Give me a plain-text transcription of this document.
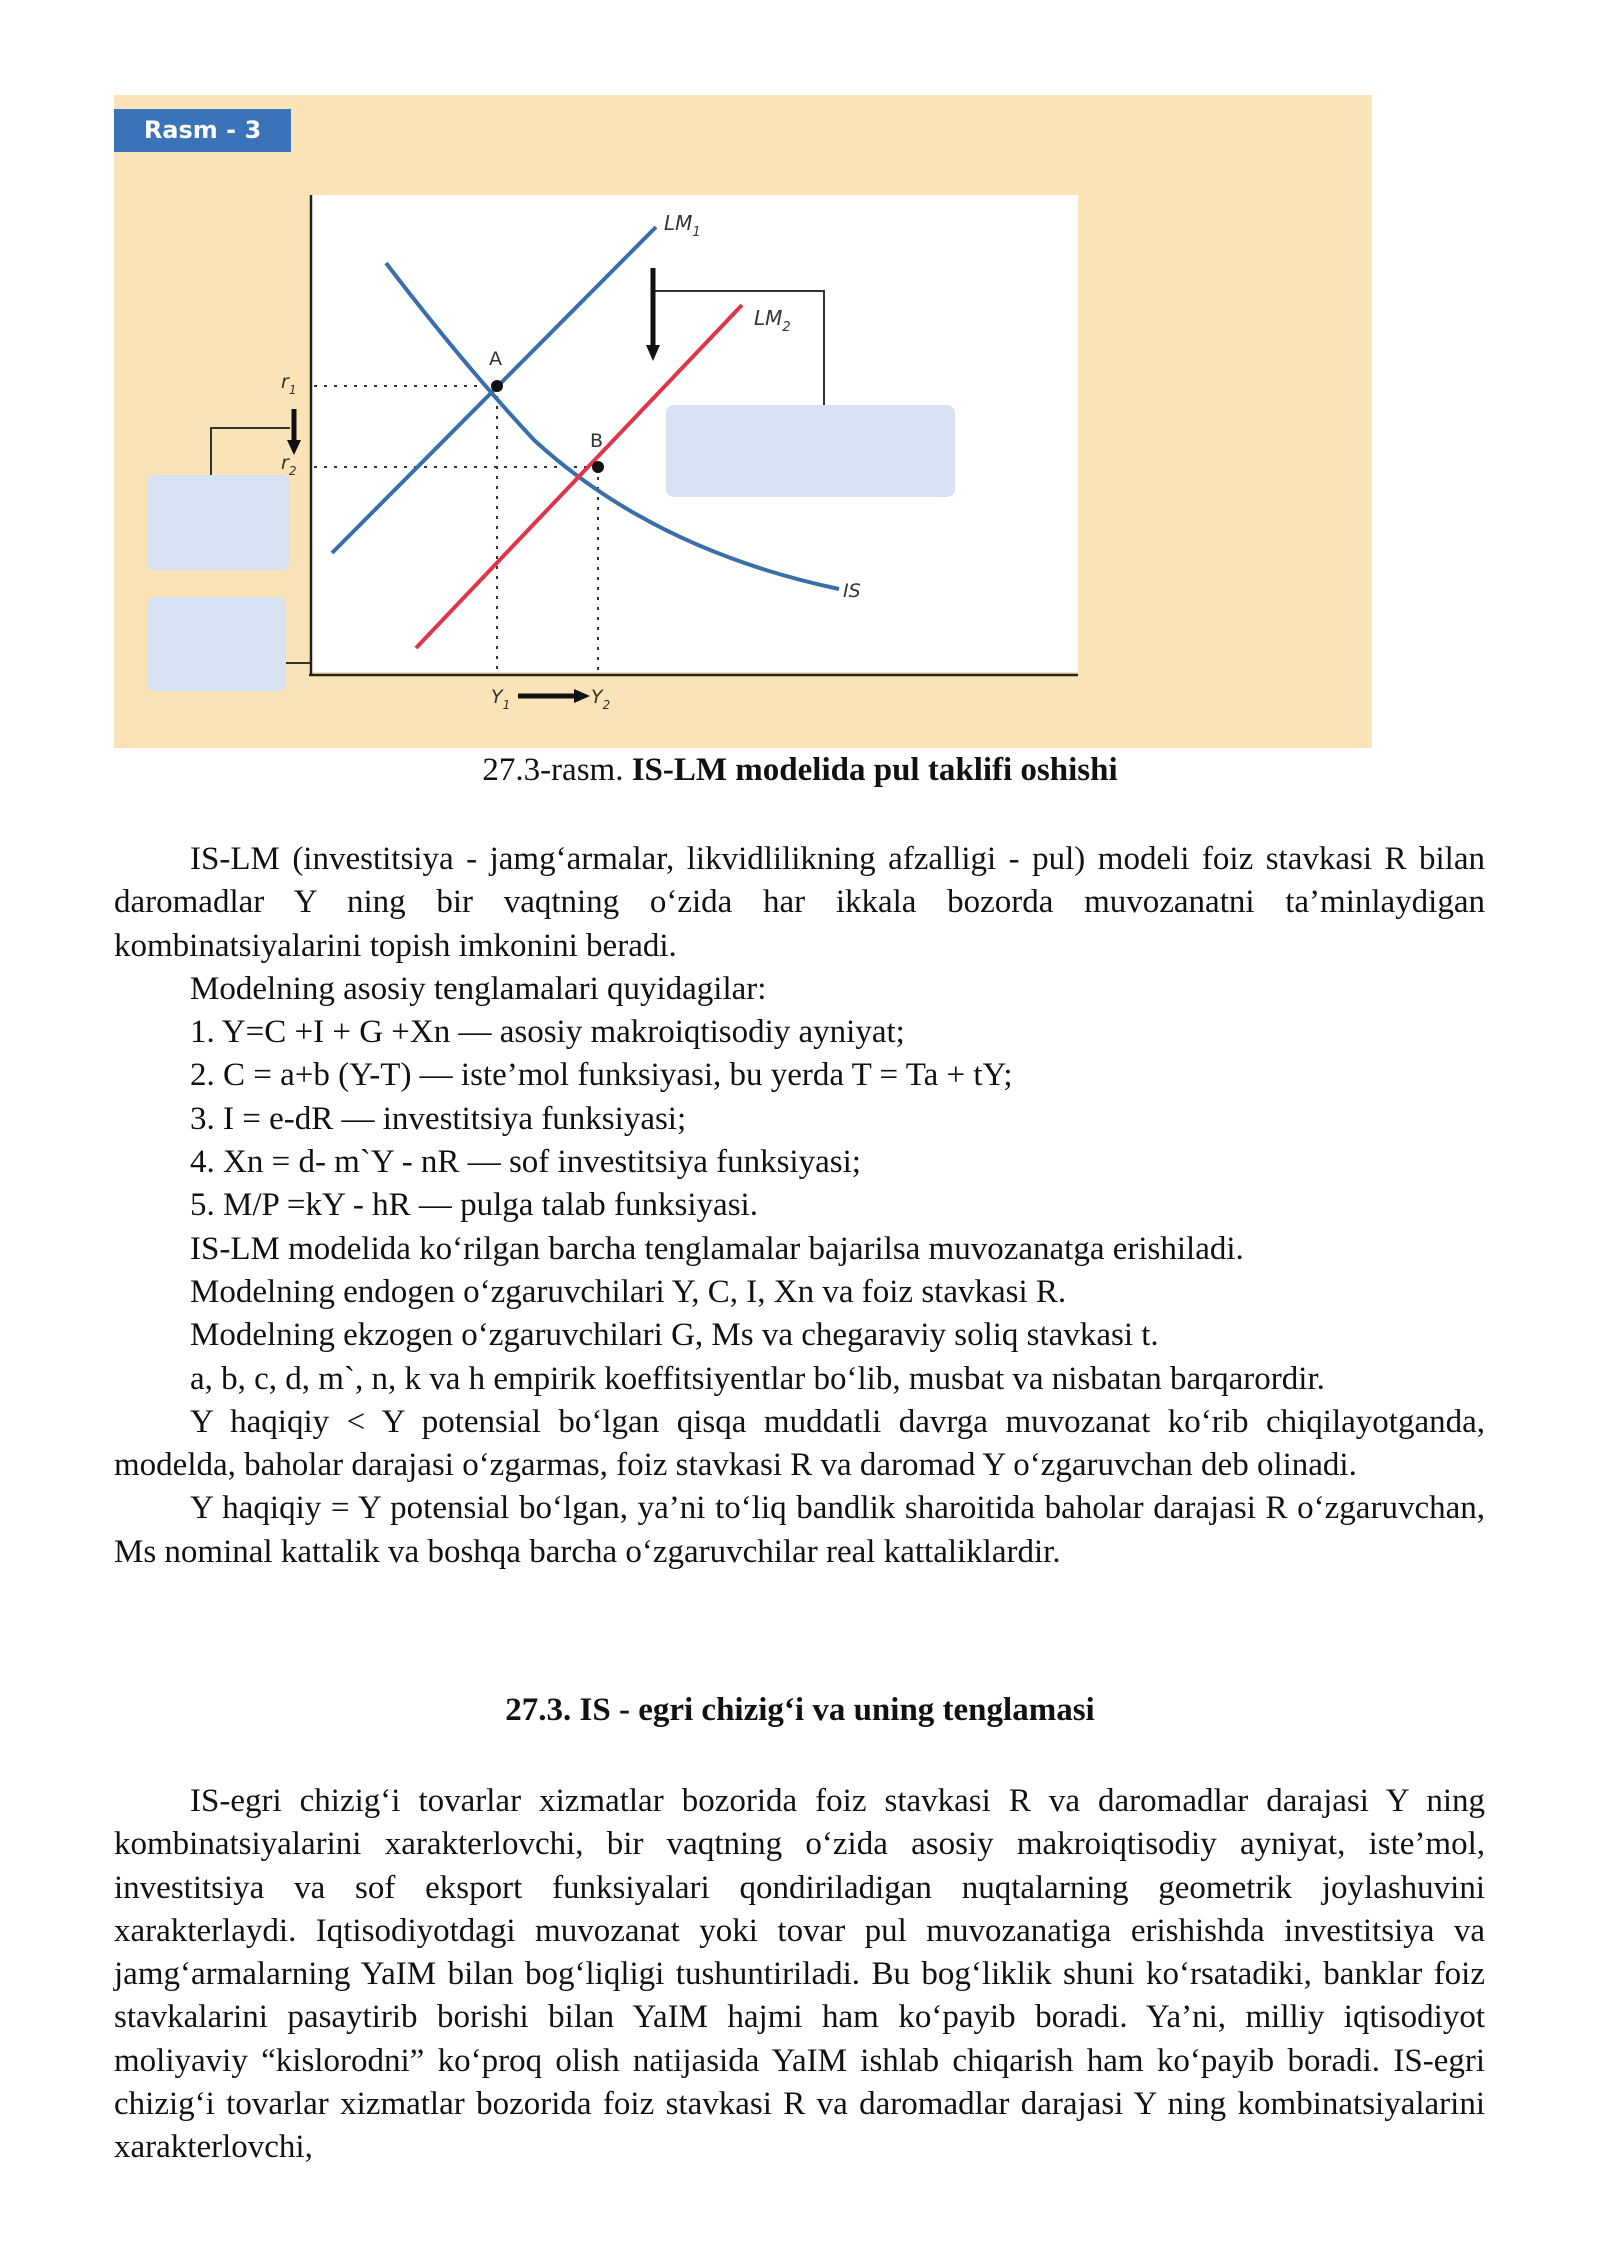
$LM_1$
$LM_2$
IS
$r_1$
$r_2$
$Y_1$	$Y_2$
A
B
Rasm - 3
27.3-rasm. IS-LM modelida pul taklifi oshishi

IS-LM (investitsiya - jamg‘armalar, likvidlilikning afzalligi - pul) modeli foiz stavkasi R bilan daromadlar Y ning bir vaqtning o‘zida har ikkala bozorda muvozanatni ta’minlaydigan kombinatsiyalarini topish imkonini beradi.

Modelning asosiy tenglamalari quyidagilar:

1. Y=C +I + G +Xn — asosiy makroiqtisodiy ayniyat;

2. C = a+b (Y-T) — iste’mol funksiyasi, bu yerda T = Ta + tY;

3. I = e-dR — investitsiya funksiyasi;

4. Xn = d- m`Y - nR — sof investitsiya funksiyasi;

5. M/P =kY - hR — pulga talab funksiyasi.

IS-LM modelida ko‘rilgan barcha tenglamalar bajarilsa muvozanatga erishiladi.

Modelning endogen o‘zgaruvchilari Y, C, I, Xn va foiz stavkasi R.

Modelning ekzogen o‘zgaruvchilari G, Ms va chegaraviy soliq stavkasi t.

a, b, c, d, m`, n, k va h empirik koeffitsiyentlar bo‘lib, musbat va nisbatan barqarordir.

Y haqiqiy < Y potensial bo‘lgan qisqa muddatli davrga muvozanat ko‘rib chiqilayotganda, modelda, baholar darajasi o‘zgarmas, foiz stavkasi R va daromad Y o‘zgaruvchan deb olinadi.

Y haqiqiy = Y potensial bo‘lgan, ya’ni to‘liq bandlik sharoitida baholar darajasi R o‘zgaruvchan, Ms nominal kattalik va boshqa barcha o‘zgaruvchilar real kattaliklardir.

27.3. IS - egri chizig‘i va uning tenglamasi

IS-egri chizig‘i tovarlar xizmatlar bozorida foiz stavkasi R va daromadlar darajasi Y ning kombinatsiyalarini xarakterlovchi, bir vaqtning o‘zida asosiy makroiqtisodiy ayniyat, iste’mol, investitsiya va sof eksport funksiyalari qondiriladigan nuqtalarning geometrik joylashuvini xarakterlaydi. Iqtisodiyotdagi muvozanat yoki tovar pul muvozanatiga erishishda investitsiya va jamg‘armalarning YaIM bilan bog‘liqligi tushuntiriladi. Bu bog‘liklik shuni ko‘rsatadiki, banklar foiz stavkalarini pasaytirib borishi bilan YaIM hajmi ham ko‘payib boradi. Ya’ni, milliy iqtisodiyot moliyaviy “kislorodni” ko‘proq olish natijasida YaIM ishlab chiqarish ham ko‘payib boradi. IS-egri chizig‘i tovarlar xizmatlar bozorida foiz stavkasi R va daromadlar darajasi Y ning kombinatsiyalarini xarakterlovchi,
